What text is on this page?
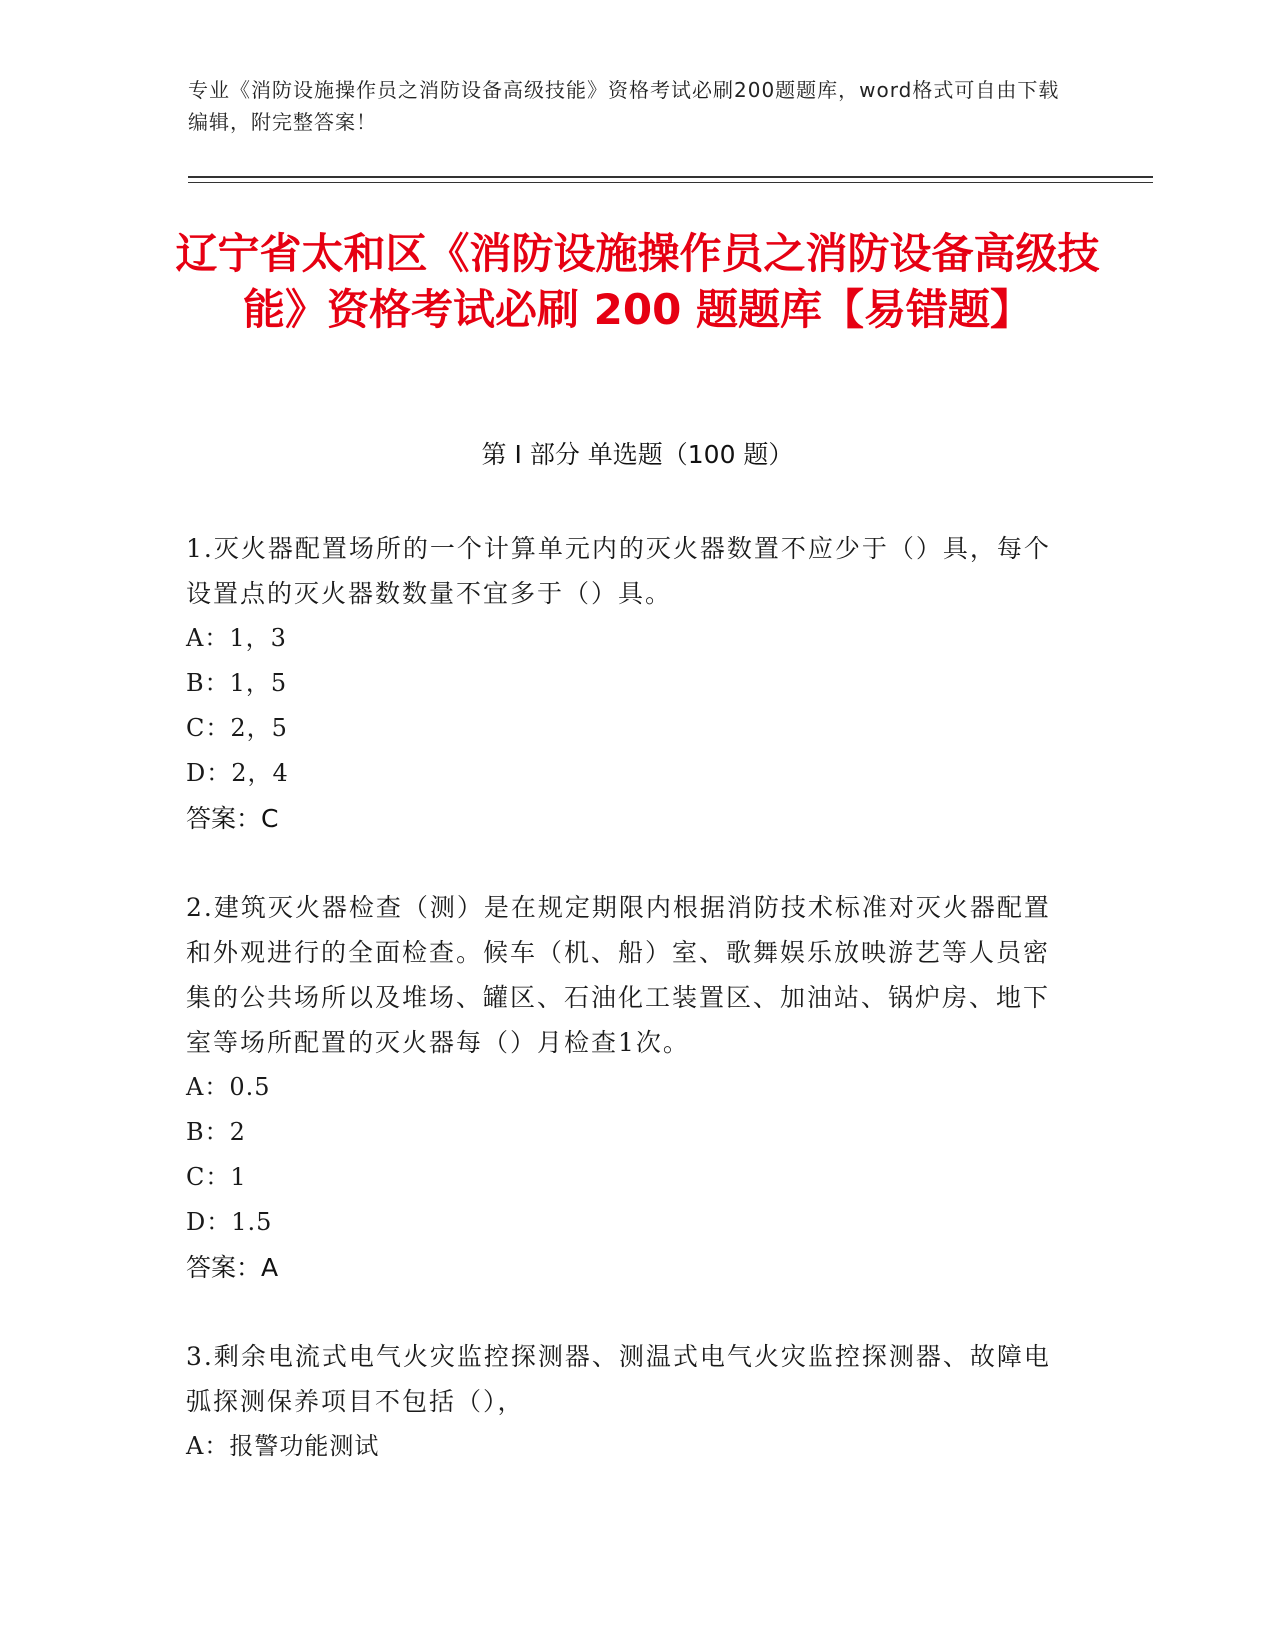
专业《消防设施操作员之消防设备高级技能》资格考试必刷200题题库，word格式可自由下载编辑，附完整答案！
辽宁省太和区《消防设施操作员之消防设备高级技能》资格考试必刷 200 题题库【易错题】
第 I 部分 单选题（100 题）
1.灭火器配置场所的一个计算单元内的灭火器数置不应少于（）具，每个设置点的灭火器数数量不宜多于（）具。
A：1，3
B：1，5
C：2，5
D：2，4
答案：C
2.建筑灭火器检查（测）是在规定期限内根据消防技术标准对灭火器配置和外观进行的全面检查。候车（机、船）室、歌舞娱乐放映游艺等人员密集的公共场所以及堆场、罐区、石油化工装置区、加油站、锅炉房、地下室等场所配置的灭火器每（）月检查1次。
A：0.5
B：2
C：1
D：1.5
答案：A
3.剩余电流式电气火灾监控探测器、测温式电气火灾监控探测器、故障电弧探测保养项目不包括（），
A：报警功能测试
